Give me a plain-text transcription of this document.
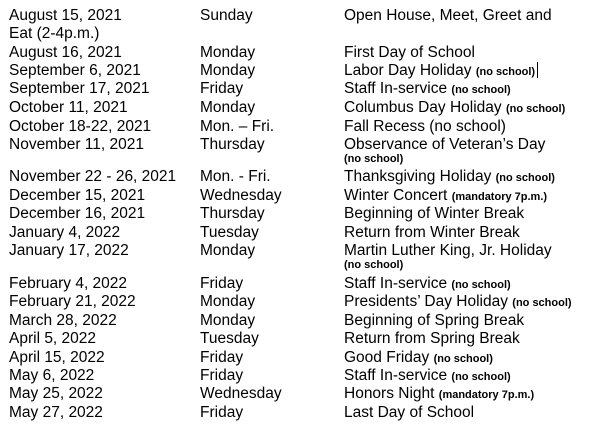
August 15, 2021	Sunday	Open House, Meet, Greet and
Eat (2-4p.m.)
August 16, 2021	Monday	First Day of School
September 6, 2021	Monday	Labor Day Holiday (no school)
September 17, 2021	Friday	Staff In-service (no school)
October 11, 2021	Monday	Columbus Day Holiday (no school)
October 18-22, 2021	Mon. – Fri.	Fall Recess (no school)
November 11, 2021	Thursday	Observance of Veteran’s Day
(no school)
November 22 - 26, 2021 Mon. - Fri.	Thanksgiving Holiday (no school)
December 15, 2021	Wednesday	Winter Concert (mandatory 7p.m.)
December 16, 2021	Thursday	Beginning of Winter Break
January 4, 2022	Tuesday	Return from Winter Break
January 17, 2022	Monday	Martin Luther King, Jr. Holiday
(no school)
February 4, 2022	Friday	Staff In-service (no school)
February 21, 2022	Monday	Presidents’ Day Holiday (no school)
March 28, 2022	Monday	Beginning of Spring Break
April 5, 2022	Tuesday	Return from Spring Break
April 15, 2022	Friday	Good Friday (no school)
May 6, 2022	Friday	Staff In-service (no school)
May 25, 2022	Wednesday	Honors Night (mandatory 7p.m.)
May 27, 2022	Friday	Last Day of School
